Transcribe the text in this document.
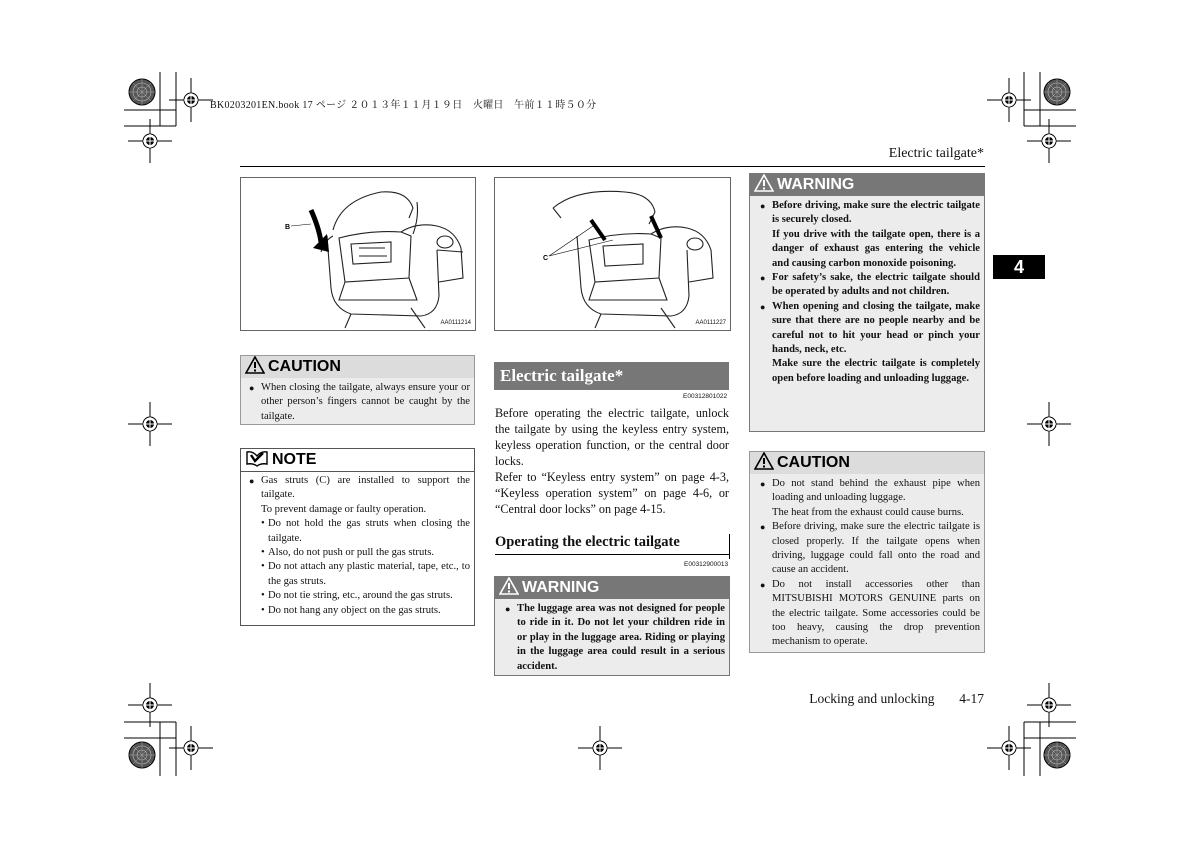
BK0203201EN.book 17 ページ ２０１３年１１月１９日　火曜日　午前１１時５０分
Electric tailgate*
4
B
AA0111214
C
AA0111227
CAUTION
● When closing the tailgate, always ensure your or other person’s fingers cannot be caught by the tailgate.
NOTE
● Gas struts (C) are installed to support the tailgate.
To prevent damage or faulty operation.
• Do not hold the gas struts when closing the tailgate.
• Also, do not push or pull the gas struts.
• Do not attach any plastic material, tape, etc., to the gas struts.
• Do not tie string, etc., around the gas struts.
• Do not hang any object on the gas struts.
Electric tailgate*
E00312801022
Before operating the electric tailgate, unlock the tailgate by using the keyless entry system, keyless operation function, or the central door locks.
Refer to “Keyless entry system” on page 4-3, “Keyless operation system” on page 4-6, or “Central door locks” on page 4-15.
Operating the electric tailgate
E00312900013
WARNING
● The luggage area was not designed for people to ride in it. Do not let your children ride in or play in the luggage area. Riding or playing in the luggage area could result in a serious accident.
WARNING
● Before driving, make sure the electric tailgate is securely closed.
If you drive with the tailgate open, there is a danger of exhaust gas entering the vehicle and causing carbon monoxide poisoning.
● For safety’s sake, the electric tailgate should be operated by adults and not children.
● When opening and closing the tailgate, make sure that there are no people nearby and be careful not to hit your head or pinch your hands, neck, etc.
Make sure the electric tailgate is completely open before loading and unloading luggage.
CAUTION
● Do not stand behind the exhaust pipe when loading and unloading luggage.
The heat from the exhaust could cause burns.
● Before driving, make sure the electric tailgate is closed properly. If the tailgate opens when driving, luggage could fall onto the road and cause an accident.
● Do not install accessories other than MITSUBISHI MOTORS GENUINE parts on the electric tailgate. Some accessories could be too heavy, causing the drop prevention mechanism to operate.
Locking and unlocking 4-17
